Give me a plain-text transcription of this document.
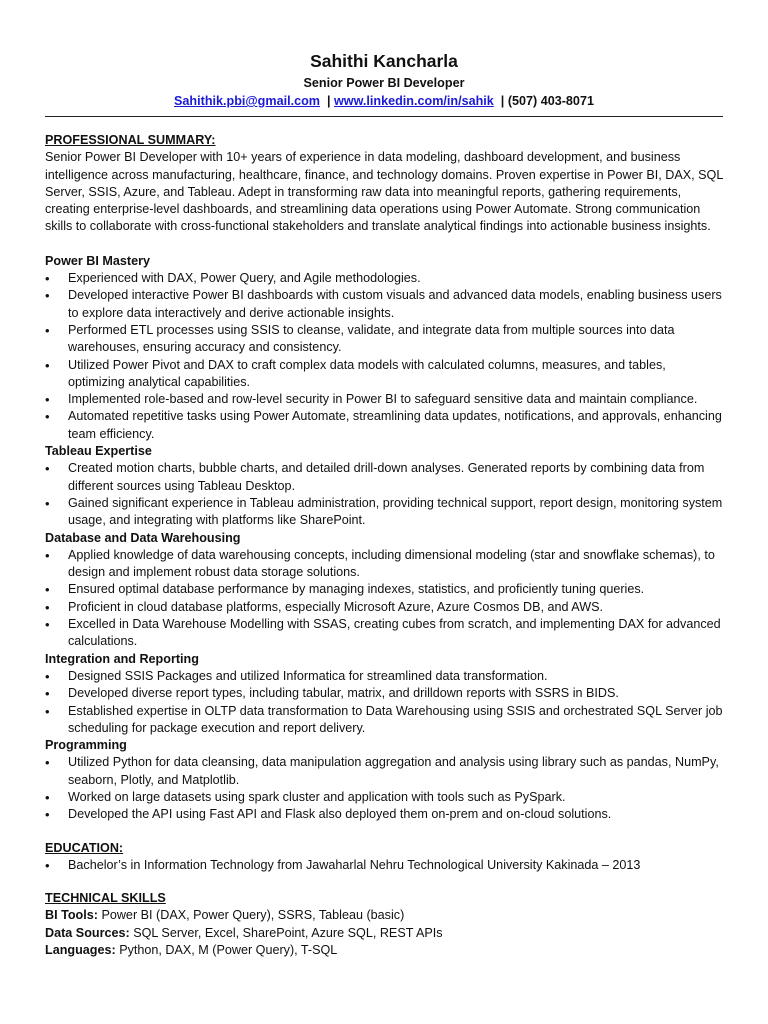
Sahithi Kancharla
Senior Power BI Developer
Sahithik.pbi@gmail.com | www.linkedin.com/in/sahik | (507) 403-8071
PROFESSIONAL SUMMARY:

Senior Power BI Developer with 10+ years of experience in data modeling, dashboard development, and business intelligence across manufacturing, healthcare, finance, and technology domains. Proven expertise in Power BI, DAX, SQL Server, SSIS, Azure, and Tableau. Adept in transforming raw data into meaningful reports, gathering requirements, creating enterprise-level dashboards, and streamlining data operations using Power Automate. Strong communication skills to collaborate with cross-functional stakeholders and translate analytical findings into actionable business insights.

Power BI Mastery
• Experienced with DAX, Power Query, and Agile methodologies.
• Developed interactive Power BI dashboards with custom visuals and advanced data models, enabling business users to explore data interactively and derive actionable insights.
• Performed ETL processes using SSIS to cleanse, validate, and integrate data from multiple sources into data warehouses, ensuring accuracy and consistency.
• Utilized Power Pivot and DAX to craft complex data models with calculated columns, measures, and tables, optimizing analytical capabilities.
• Implemented role-based and row-level security in Power BI to safeguard sensitive data and maintain compliance.
• Automated repetitive tasks using Power Automate, streamlining data updates, notifications, and approvals, enhancing team efficiency.
Tableau Expertise
• Created motion charts, bubble charts, and detailed drill-down analyses. Generated reports by combining data from different sources using Tableau Desktop.
• Gained significant experience in Tableau administration, providing technical support, report design, monitoring system usage, and integrating with platforms like SharePoint.
Database and Data Warehousing
• Applied knowledge of data warehousing concepts, including dimensional modeling (star and snowflake schemas), to design and implement robust data storage solutions.
• Ensured optimal database performance by managing indexes, statistics, and proficiently tuning queries.
• Proficient in cloud database platforms, especially Microsoft Azure, Azure Cosmos DB, and AWS.
• Excelled in Data Warehouse Modelling with SSAS, creating cubes from scratch, and implementing DAX for advanced calculations.
Integration and Reporting
• Designed SSIS Packages and utilized Informatica for streamlined data transformation.
• Developed diverse report types, including tabular, matrix, and drilldown reports with SSRS in BIDS.
• Established expertise in OLTP data transformation to Data Warehousing using SSIS and orchestrated SQL Server job scheduling for package execution and report delivery.
Programming
• Utilized Python for data cleansing, data manipulation aggregation and analysis using library such as pandas, NumPy, seaborn, Plotly, and Matplotlib.
• Worked on large datasets using spark cluster and application with tools such as PySpark.
• Developed the API using Fast API and Flask also deployed them on-prem and on-cloud solutions.
EDUCATION:
• Bachelor’s in Information Technology from Jawaharlal Nehru Technological University Kakinada – 2013
TECHNICAL SKILLS

BI Tools: Power BI (DAX, Power Query), SSRS, Tableau (basic)

Data Sources: SQL Server, Excel, SharePoint, Azure SQL, REST APIs

Languages: Python, DAX, M (Power Query), T-SQL
